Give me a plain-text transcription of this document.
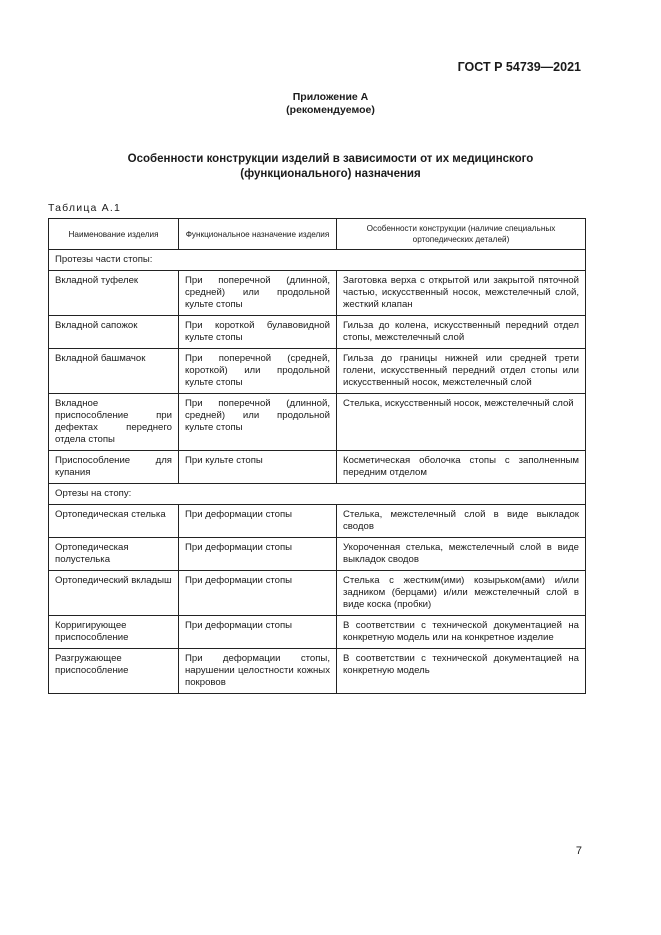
ГОСТ Р 54739—2021
Приложение А
(рекомендуемое)
Особенности конструкции изделий в зависимости от их медицинского
(функционального) назначения
Таблица А.1
Наименование изделия	Функциональное назначение изделия	Особенности конструкции (наличие специальных ортопедических деталей)
Протезы части стопы:		
Вкладной туфелек	При поперечной (длинной, средней) или продольной культе стопы	Заготовка верха с открытой или закрытой пяточной частью, искусственный носок, межстелечный слой, жесткий клапан
Вкладной сапожок	При короткой булавовидной культе стопы	Гильза до колена, искусственный передний отдел стопы, межстелечный слой
Вкладной башмачок	При поперечной (средней, короткой) или продольной культе стопы	Гильза до границы нижней или средней трети голени, искусственный передний отдел стопы или искусственный носок, межстелечный слой
Вкладное приспособление при дефектах переднего отдела стопы	При поперечной (длинной, средней) или продольной культе стопы	Стелька, искусственный носок, межстелечный слой
Приспособление для купания	При культе стопы	Косметическая оболочка стопы с заполненным передним отделом
Ортезы на стопу:		
Ортопедическая стелька	При деформации стопы	Стелька, межстелечный слой в виде выкладок сводов
Ортопедическая полустелька	При деформации стопы	Укороченная стелька, межстелечный слой в виде выкладок сводов
Ортопедический вкладыш	При деформации стопы	Стелька с жестким(ими) козырьком(ами) и/или задником (берцами) и/или межстелечный слой в виде коска (пробки)
Корригирующее приспособление	При деформации стопы	В соответствии с технической документацией на конкретную модель или на конкретное изделие
Разгружающее приспособление	При деформации стопы, нарушении целостности кожных покровов	В соответствии с технической документацией на конкретную модель
7
